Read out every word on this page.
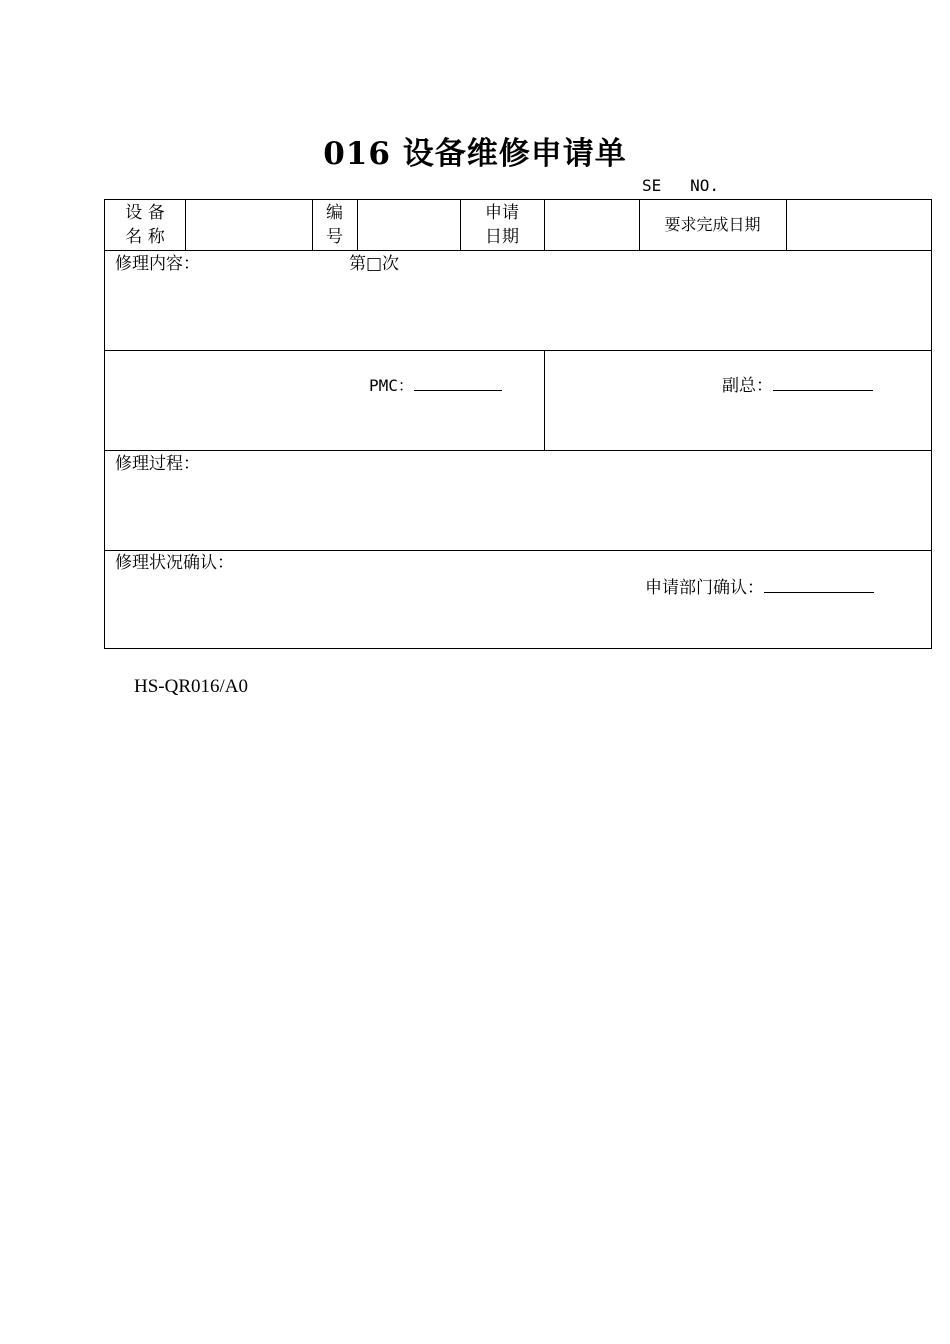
016 设备维修申请单
SE   NO.
设 备
名 称
编
号
申请
日期
要求完成日期
修理内容：	第□次
PMC：	副总：
修理过程：
修理状况确认：
申请部门确认：
HS-QR016/A0
